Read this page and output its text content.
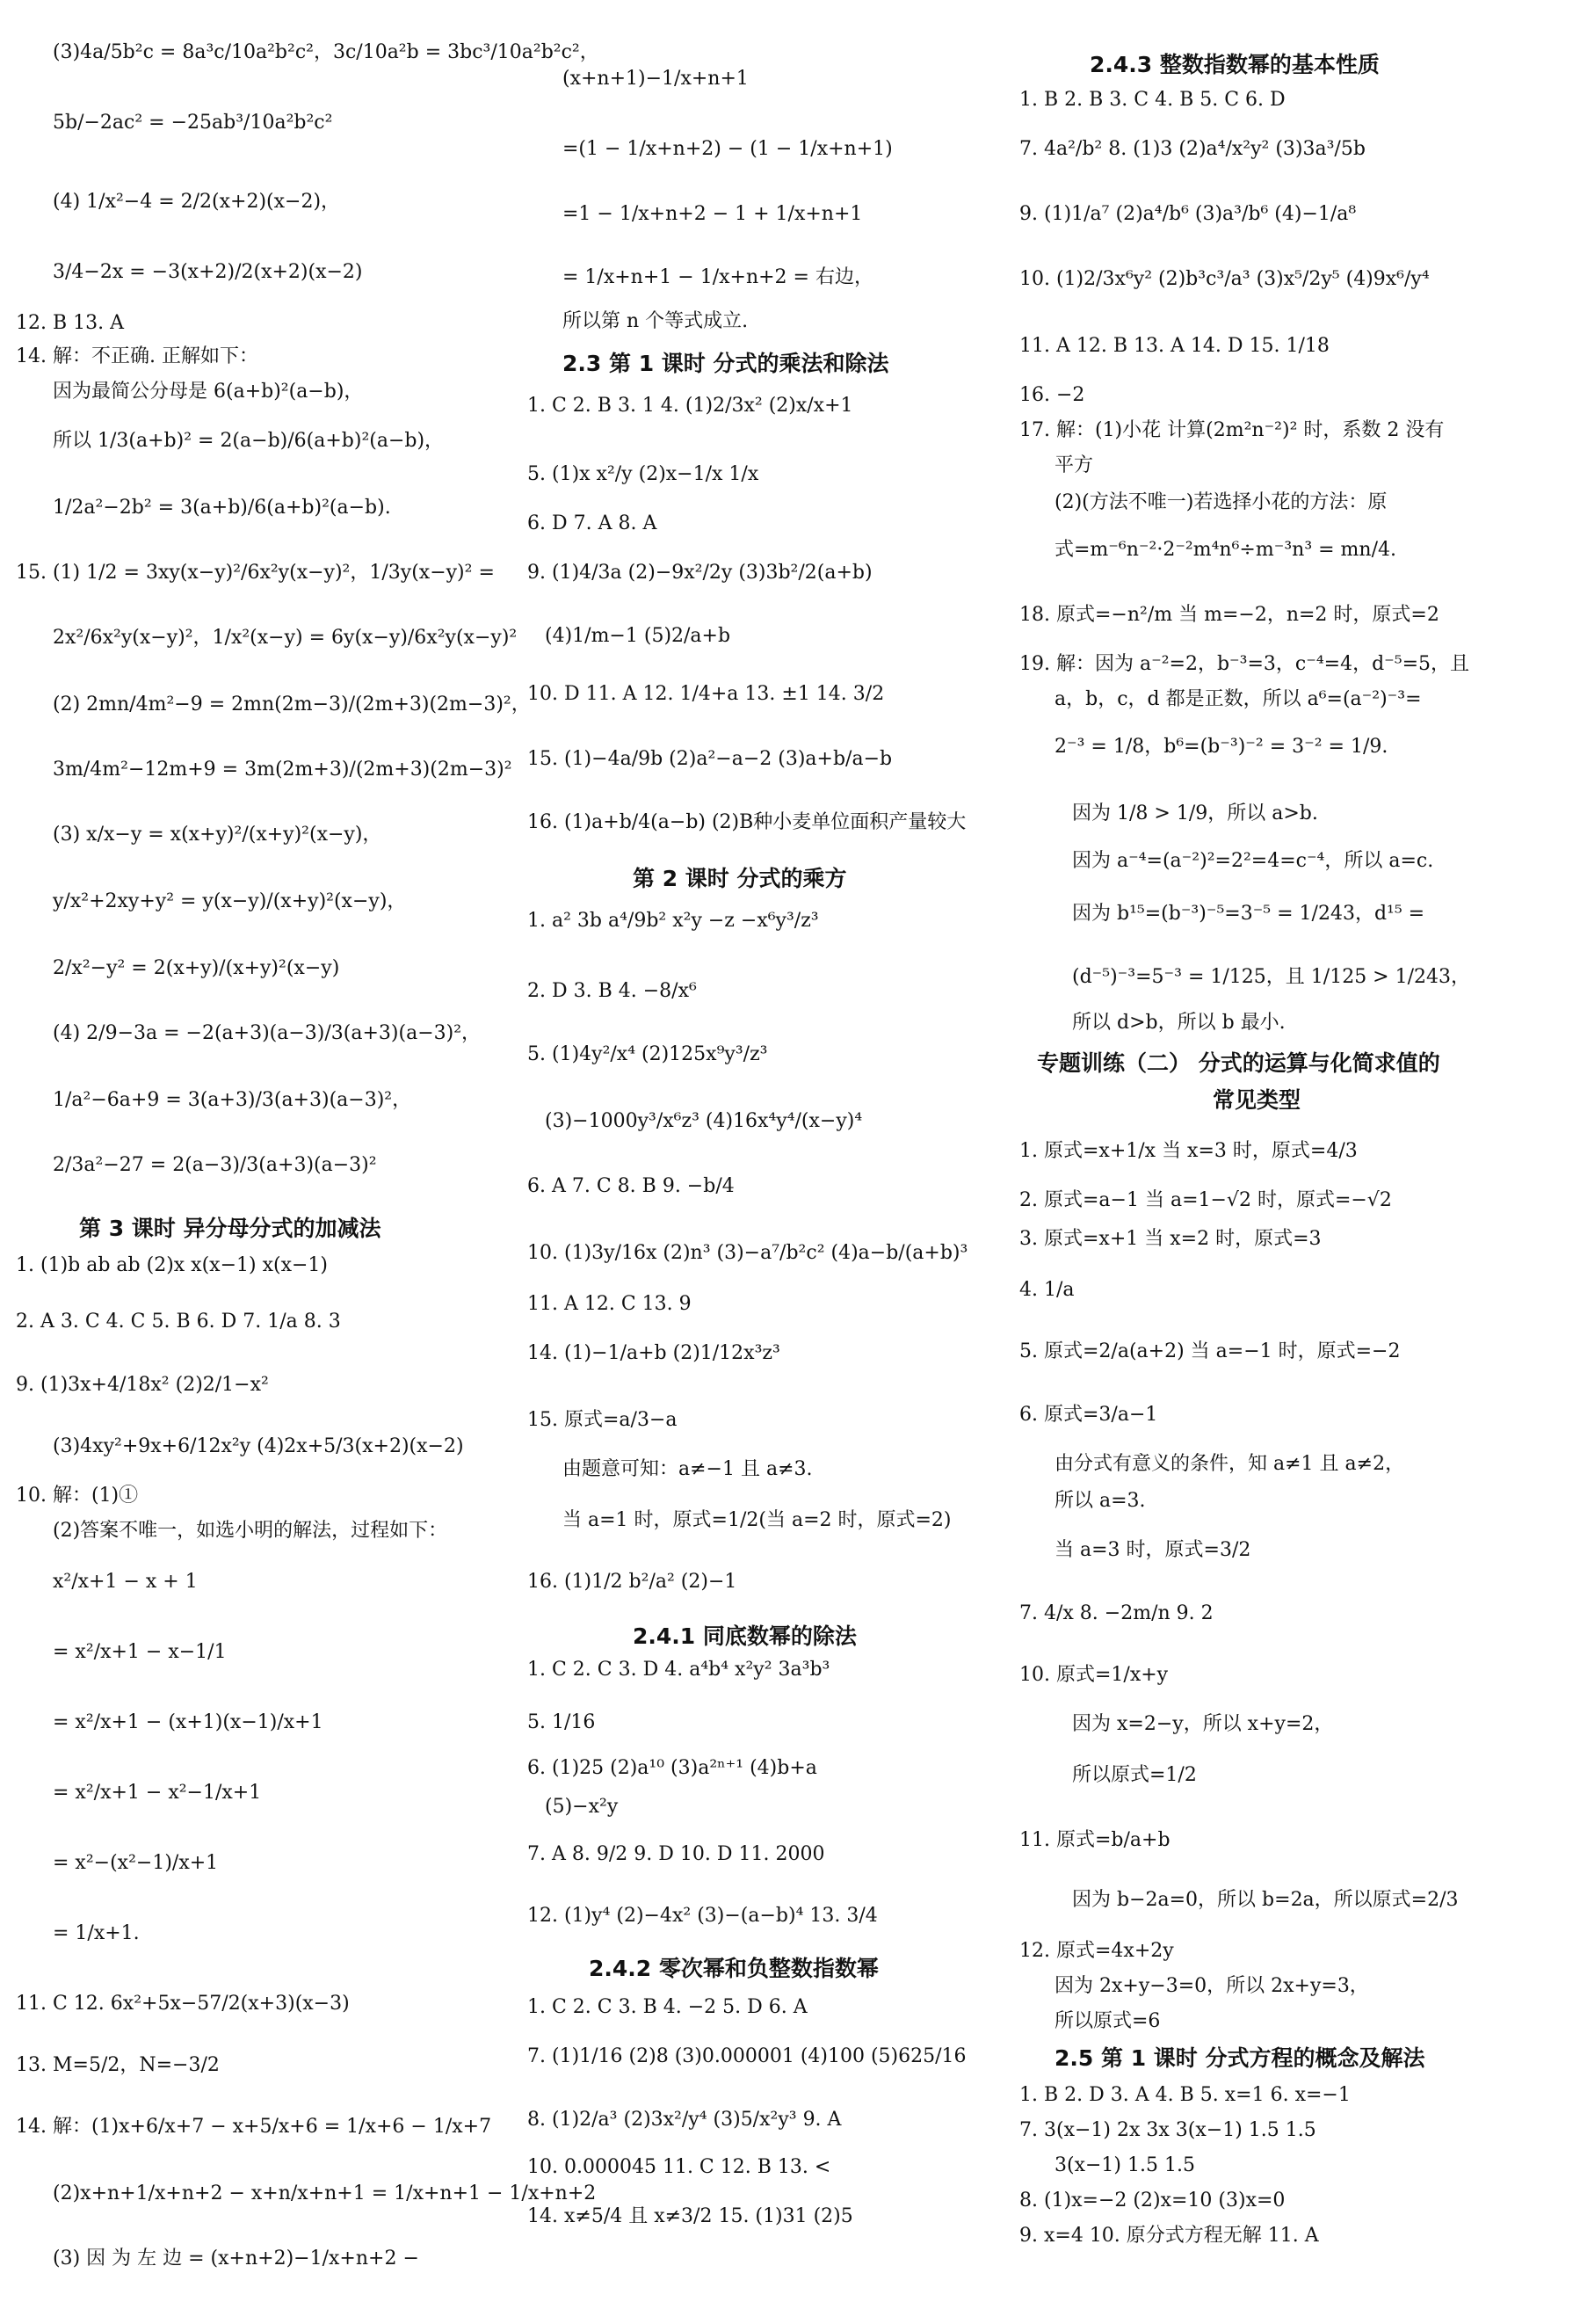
第 3 课时 异分母分式的加减法
(3)4a/5b²c = 8a³c/10a²b²c²，3c/10a²b = 3bc³/10a²b²c²，
5b/−2ac² = −25ab³/10a²b²c²
(4) 1/x²−4 = 2/2(x+2)(x−2)，
3/4−2x = −3(x+2)/2(x+2)(x−2)
12. B 13. A
14. 解：不正确. 正解如下：
因为最简公分母是 6(a+b)²(a−b)，
所以 1/3(a+b)² = 2(a−b)/6(a+b)²(a−b)，
1/2a²−2b² = 3(a+b)/6(a+b)²(a−b).
15. (1) 1/2 = 3xy(x−y)²/6x²y(x−y)²，1/3y(x−y)² =
2x²/6x²y(x−y)²，1/x²(x−y) = 6y(x−y)/6x²y(x−y)²
(2) 2mn/4m²−9 = 2mn(2m−3)/(2m+3)(2m−3)²，
3m/4m²−12m+9 = 3m(2m+3)/(2m+3)(2m−3)²
(3) x/x−y = x(x+y)²/(x+y)²(x−y)，
y/x²+2xy+y² = y(x−y)/(x+y)²(x−y)，
2/x²−y² = 2(x+y)/(x+y)²(x−y)
(4) 2/9−3a = −2(a+3)(a−3)/3(a+3)(a−3)²，
1/a²−6a+9 = 3(a+3)/3(a+3)(a−3)²，
2/3a²−27 = 2(a−3)/3(a+3)(a−3)²
1. (1)b ab ab (2)x x(x−1) x(x−1)
2. A 3. C 4. C 5. B 6. D 7. 1/a 8. 3
9. (1)3x+4/18x² (2)2/1−x²
(3)4xy²+9x+6/12x²y (4)2x+5/3(x+2)(x−2)
10. 解：(1)①
(2)答案不唯一，如选小明的解法，过程如下：
x²/x+1 − x + 1
= x²/x+1 − x−1/1
= x²/x+1 − (x+1)(x−1)/x+1
= x²/x+1 − x²−1/x+1
= x²−(x²−1)/x+1
= 1/x+1.
11. C 12. 6x²+5x−57/2(x+3)(x−3)
13. M=5/2，N=−3/2
14. 解：(1)x+6/x+7 − x+5/x+6 = 1/x+6 − 1/x+7
(2)x+n+1/x+n+2 − x+n/x+n+1 = 1/x+n+1 − 1/x+n+2
(3) 因 为 左 边 = (x+n+2)−1/x+n+2 −
2.3 第 1 课时 分式的乘法和除法
第 2 课时 分式的乘方
2.4.1 同底数幂的除法
2.4.2 零次幂和负整数指数幂
(x+n+1)−1/x+n+1
=(1 − 1/x+n+2) − (1 − 1/x+n+1)
=1 − 1/x+n+2 − 1 + 1/x+n+1
= 1/x+n+1 − 1/x+n+2 = 右边，
所以第 n 个等式成立.
1. C 2. B 3. 1 4. (1)2/3x² (2)x/x+1
5. (1)x x²/y (2)x−1/x 1/x
6. D 7. A 8. A
9. (1)4/3a (2)−9x²/2y (3)3b²/2(a+b)
(4)1/m−1 (5)2/a+b
10. D 11. A 12. 1/4+a 13. ±1 14. 3/2
15. (1)−4a/9b (2)a²−a−2 (3)a+b/a−b
16. (1)a+b/4(a−b) (2)B种小麦单位面积产量较大
1. a² 3b a⁴/9b² x²y −z −x⁶y³/z³
2. D 3. B 4. −8/x⁶
5. (1)4y²/x⁴ (2)125x⁹y³/z³
(3)−1000y³/x⁶z³ (4)16x⁴y⁴/(x−y)⁴
6. A 7. C 8. B 9. −b/4
10. (1)3y/16x (2)n³ (3)−a⁷/b²c² (4)a−b/(a+b)³
11. A 12. C 13. 9
14. (1)−1/a+b (2)1/12x³z³
15. 原式=a/3−a
由题意可知：a≠−1 且 a≠3.
当 a=1 时，原式=1/2(当 a=2 时，原式=2)
16. (1)1/2 b²/a² (2)−1
1. C 2. C 3. D 4. a⁴b⁴ x²y² 3a³b³
5. 1/16
6. (1)25 (2)a¹⁰ (3)a²ⁿ⁺¹ (4)b+a
(5)−x²y
7. A 8. 9/2 9. D 10. D 11. 2000
12. (1)y⁴ (2)−4x² (3)−(a−b)⁴ 13. 3/4
1. C 2. C 3. B 4. −2 5. D 6. A
7. (1)1/16 (2)8 (3)0.000001 (4)100 (5)625/16
8. (1)2/a³ (2)3x²/y⁴ (3)5/x²y³ 9. A
10. 0.000045 11. C 12. B 13. <
14. x≠5/4 且 x≠3/2 15. (1)31 (2)5
2.4.3 整数指数幂的基本性质
专题训练（二） 分式的运算与化简求值的
常见类型
2.5 第 1 课时 分式方程的概念及解法
1. B 2. B 3. C 4. B 5. C 6. D
7. 4a²/b² 8. (1)3 (2)a⁴/x²y² (3)3a³/5b
9. (1)1/a⁷ (2)a⁴/b⁶ (3)a³/b⁶ (4)−1/a⁸
10. (1)2/3x⁶y² (2)b³c³/a³ (3)x⁵/2y⁵ (4)9x⁶/y⁴
11. A 12. B 13. A 14. D 15. 1/18
16. −2
17. 解：(1)小花 计算(2m²n⁻²)² 时，系数 2 没有
平方
(2)(方法不唯一)若选择小花的方法：原
式=m⁻⁶n⁻²·2⁻²m⁴n⁶÷m⁻³n³ = mn/4.
18. 原式=−n²/m 当 m=−2，n=2 时，原式=2
19. 解：因为 a⁻²=2，b⁻³=3，c⁻⁴=4，d⁻⁵=5，且
a，b，c，d 都是正数，所以 a⁶=(a⁻²)⁻³=
2⁻³ = 1/8，b⁶=(b⁻³)⁻² = 3⁻² = 1/9.
因为 1/8 > 1/9，所以 a>b.
因为 a⁻⁴=(a⁻²)²=2²=4=c⁻⁴，所以 a=c.
因为 b¹⁵=(b⁻³)⁻⁵=3⁻⁵ = 1/243，d¹⁵ =
(d⁻⁵)⁻³=5⁻³ = 1/125，且 1/125 > 1/243，
所以 d>b，所以 b 最小.
1. 原式=x+1/x 当 x=3 时，原式=4/3
2. 原式=a−1 当 a=1−√2 时，原式=−√2
3. 原式=x+1 当 x=2 时，原式=3
4. 1/a
5. 原式=2/a(a+2) 当 a=−1 时，原式=−2
6. 原式=3/a−1
由分式有意义的条件，知 a≠1 且 a≠2，
所以 a=3.
当 a=3 时，原式=3/2
7. 4/x 8. −2m/n 9. 2
10. 原式=1/x+y
因为 x=2−y，所以 x+y=2，
所以原式=1/2
11. 原式=b/a+b
因为 b−2a=0，所以 b=2a，所以原式=2/3
12. 原式=4x+2y
因为 2x+y−3=0，所以 2x+y=3，
所以原式=6
1. B 2. D 3. A 4. B 5. x=1 6. x=−1
7. 3(x−1) 2x 3x 3(x−1) 1.5 1.5
3(x−1) 1.5 1.5
8. (1)x=−2 (2)x=10 (3)x=0
9. x=4 10. 原分式方程无解 11. A
